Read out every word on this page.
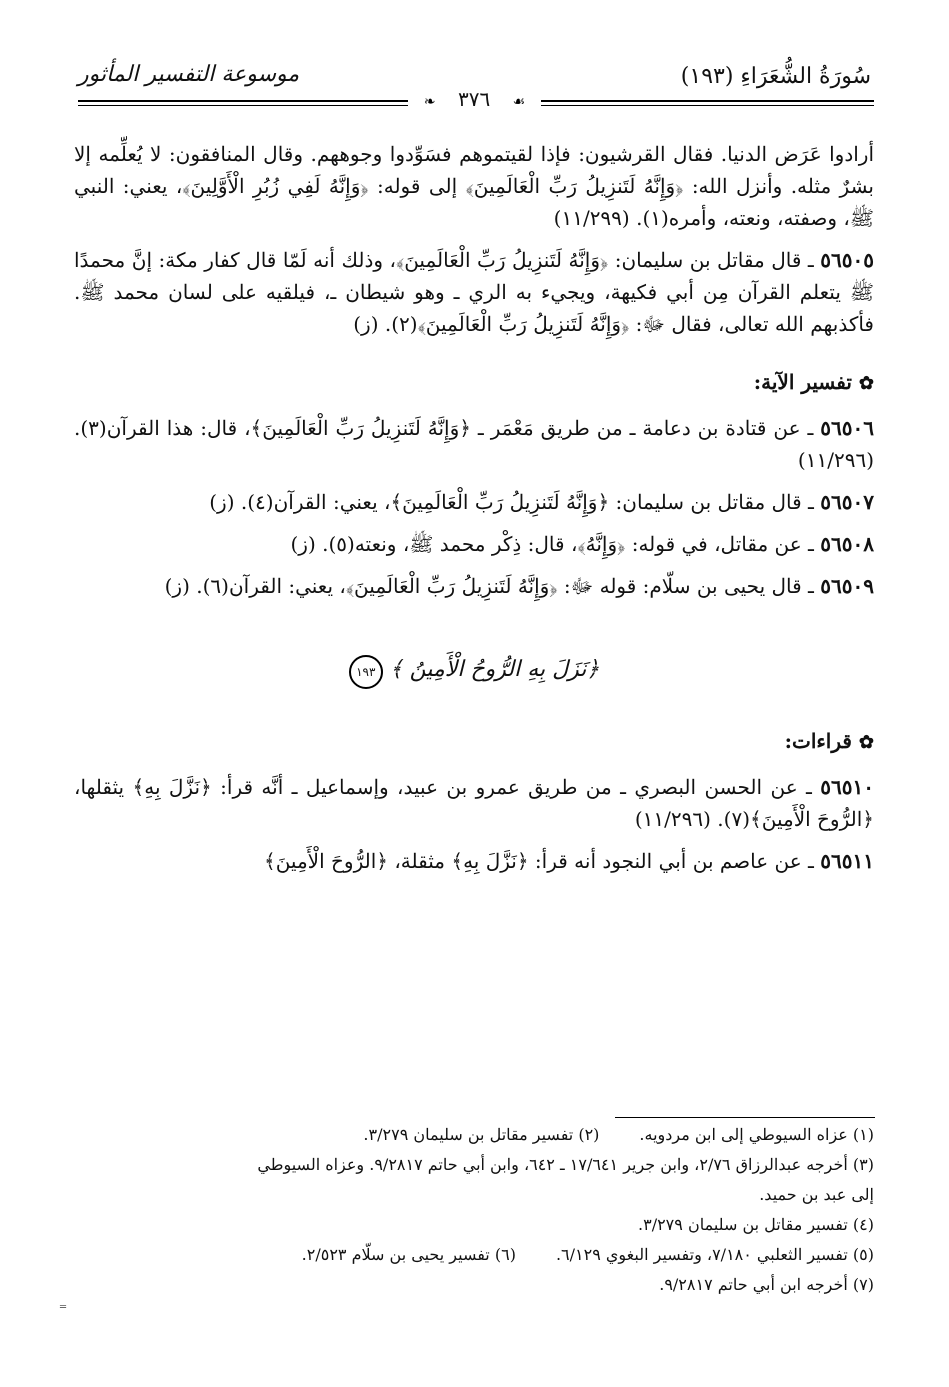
سُورَةُ الشُّعَرَاءِ (١٩٣)
موسوعة التفسير المأثور
❧ ٣٧٦ ☙

أرادوا عَرَض الدنيا. فقال القرشيون: فإذا لقيتموهم فسَوِّدوا وجوههم. وقال المنافقون: لا يُعلِّمه إلا بشرٌ مثله. وأنزل الله: ﴿وَإِنَّهُ لَتَنزِيلُ رَبِّ الْعَالَمِينَ﴾ إلى قوله: ﴿وَإِنَّهُ لَفِي زُبُرِ الْأَوَّلِينَ﴾، يعني: النبي ﷺ، وصفته، ونعته، وأمره(١). (١١/٢٩٩)

٥٦٥٠٥ ـ قال مقاتل بن سليمان: ﴿وَإِنَّهُ لَتَنزِيلُ رَبِّ الْعَالَمِينَ﴾، وذلك أنه لَمّا قال كفار مكة: إنَّ محمدًا ﷺ يتعلم القرآن مِن أبي فكيهة، ويجيء به الري ـ وهو شيطان ـ، فيلقيه على لسان محمد ﷺ. فأكذبهم الله تعالى، فقال ﷻ: ﴿وَإِنَّهُ لَتَنزِيلُ رَبِّ الْعَالَمِينَ﴾(٢). (ز)

✿ تفسير الآية:

٥٦٥٠٦ ـ عن قتادة بن دعامة ـ من طريق مَعْمَر ـ ﴿وَإِنَّهُ لَتَنزِيلُ رَبِّ الْعَالَمِينَ﴾، قال: هذا القرآن(٣). (١١/٢٩٦)

٥٦٥٠٧ ـ قال مقاتل بن سليمان: ﴿وَإِنَّهُ لَتَنزِيلُ رَبِّ الْعَالَمِينَ﴾، يعني: القرآن(٤). (ز)

٥٦٥٠٨ ـ عن مقاتل، في قوله: ﴿وَإِنَّهُ﴾، قال: ذِكْر محمد ﷺ، ونعته(٥). (ز)

٥٦٥٠٩ ـ قال يحيى بن سلّام: قوله ﷻ: ﴿وَإِنَّهُ لَتَنزِيلُ رَبِّ الْعَالَمِينَ﴾، يعني: القرآن(٦). (ز)

﴿نَزَلَ بِهِ الرُّوحُ الْأَمِينُ ﴾ ١٩٣
✿ قراءات:

٥٦٥١٠ ـ عن الحسن البصري ـ من طريق عمرو بن عبيد، وإسماعيل ـ أنَّه قرأ: ﴿نَزَّلَ بِهِ﴾ يثقلها، ﴿الرُّوحَ الْأَمِينَ﴾(٧). (١١/٢٩٦)

٥٦٥١١ ـ عن عاصم بن أبي النجود أنه قرأ: ﴿نَزَّلَ بِهِ﴾ مثقلة، ﴿الرُّوحَ الْأَمِينَ﴾

(١) عزاه السيوطي إلى ابن مردويه.(٢) تفسير مقاتل بن سليمان ٣/٢٧٩.
(٣) أخرجه عبدالرزاق ٢/٧٦، وابن جرير ١٧/٦٤١ ـ ٦٤٢، وابن أبي حاتم ٩/٢٨١٧. وعزاه السيوطي
إلى عبد بن حميد.
(٤) تفسير مقاتل بن سليمان ٣/٢٧٩.
(٥) تفسير الثعلبي ٧/١٨٠، وتفسير البغوي ٦/١٢٩.(٦) تفسير يحيى بن سلّام ٢/٥٢٣.
(٧) أخرجه ابن أبي حاتم ٩/٢٨١٧.
═
